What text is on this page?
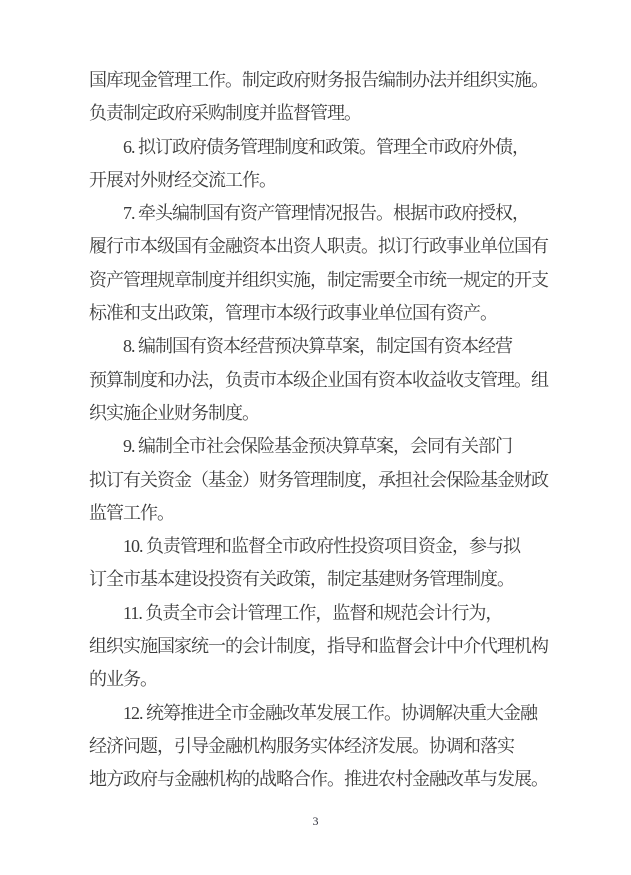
国库现金管理工作。制定政府财务报告编制办法并组织实施。
负责制定政府采购制度并监督管理。
6. 拟订政府债务管理制度和政策。管理全市政府外债，
开展对外财经交流工作。
7. 牵头编制国有资产管理情况报告。根据市政府授权，
履行市本级国有金融资本出资人职责。拟订行政事业单位国有
资产管理规章制度并组织实施，制定需要全市统一规定的开支
标准和支出政策，管理市本级行政事业单位国有资产。
8. 编制国有资本经营预决算草案，制定国有资本经营
预算制度和办法，负责市本级企业国有资本收益收支管理。组
织实施企业财务制度。
9. 编制全市社会保险基金预决算草案，会同有关部门
拟订有关资金（基金）财务管理制度，承担社会保险基金财政
监管工作。
10. 负责管理和监督全市政府性投资项目资金，参与拟
订全市基本建设投资有关政策，制定基建财务管理制度。
11. 负责全市会计管理工作，监督和规范会计行为，
组织实施国家统一的会计制度，指导和监督会计中介代理机构
的业务。
12. 统筹推进全市金融改革发展工作。协调解决重大金融
经济问题，引导金融机构服务实体经济发展。协调和落实
地方政府与金融机构的战略合作。推进农村金融改革与发展。
3
